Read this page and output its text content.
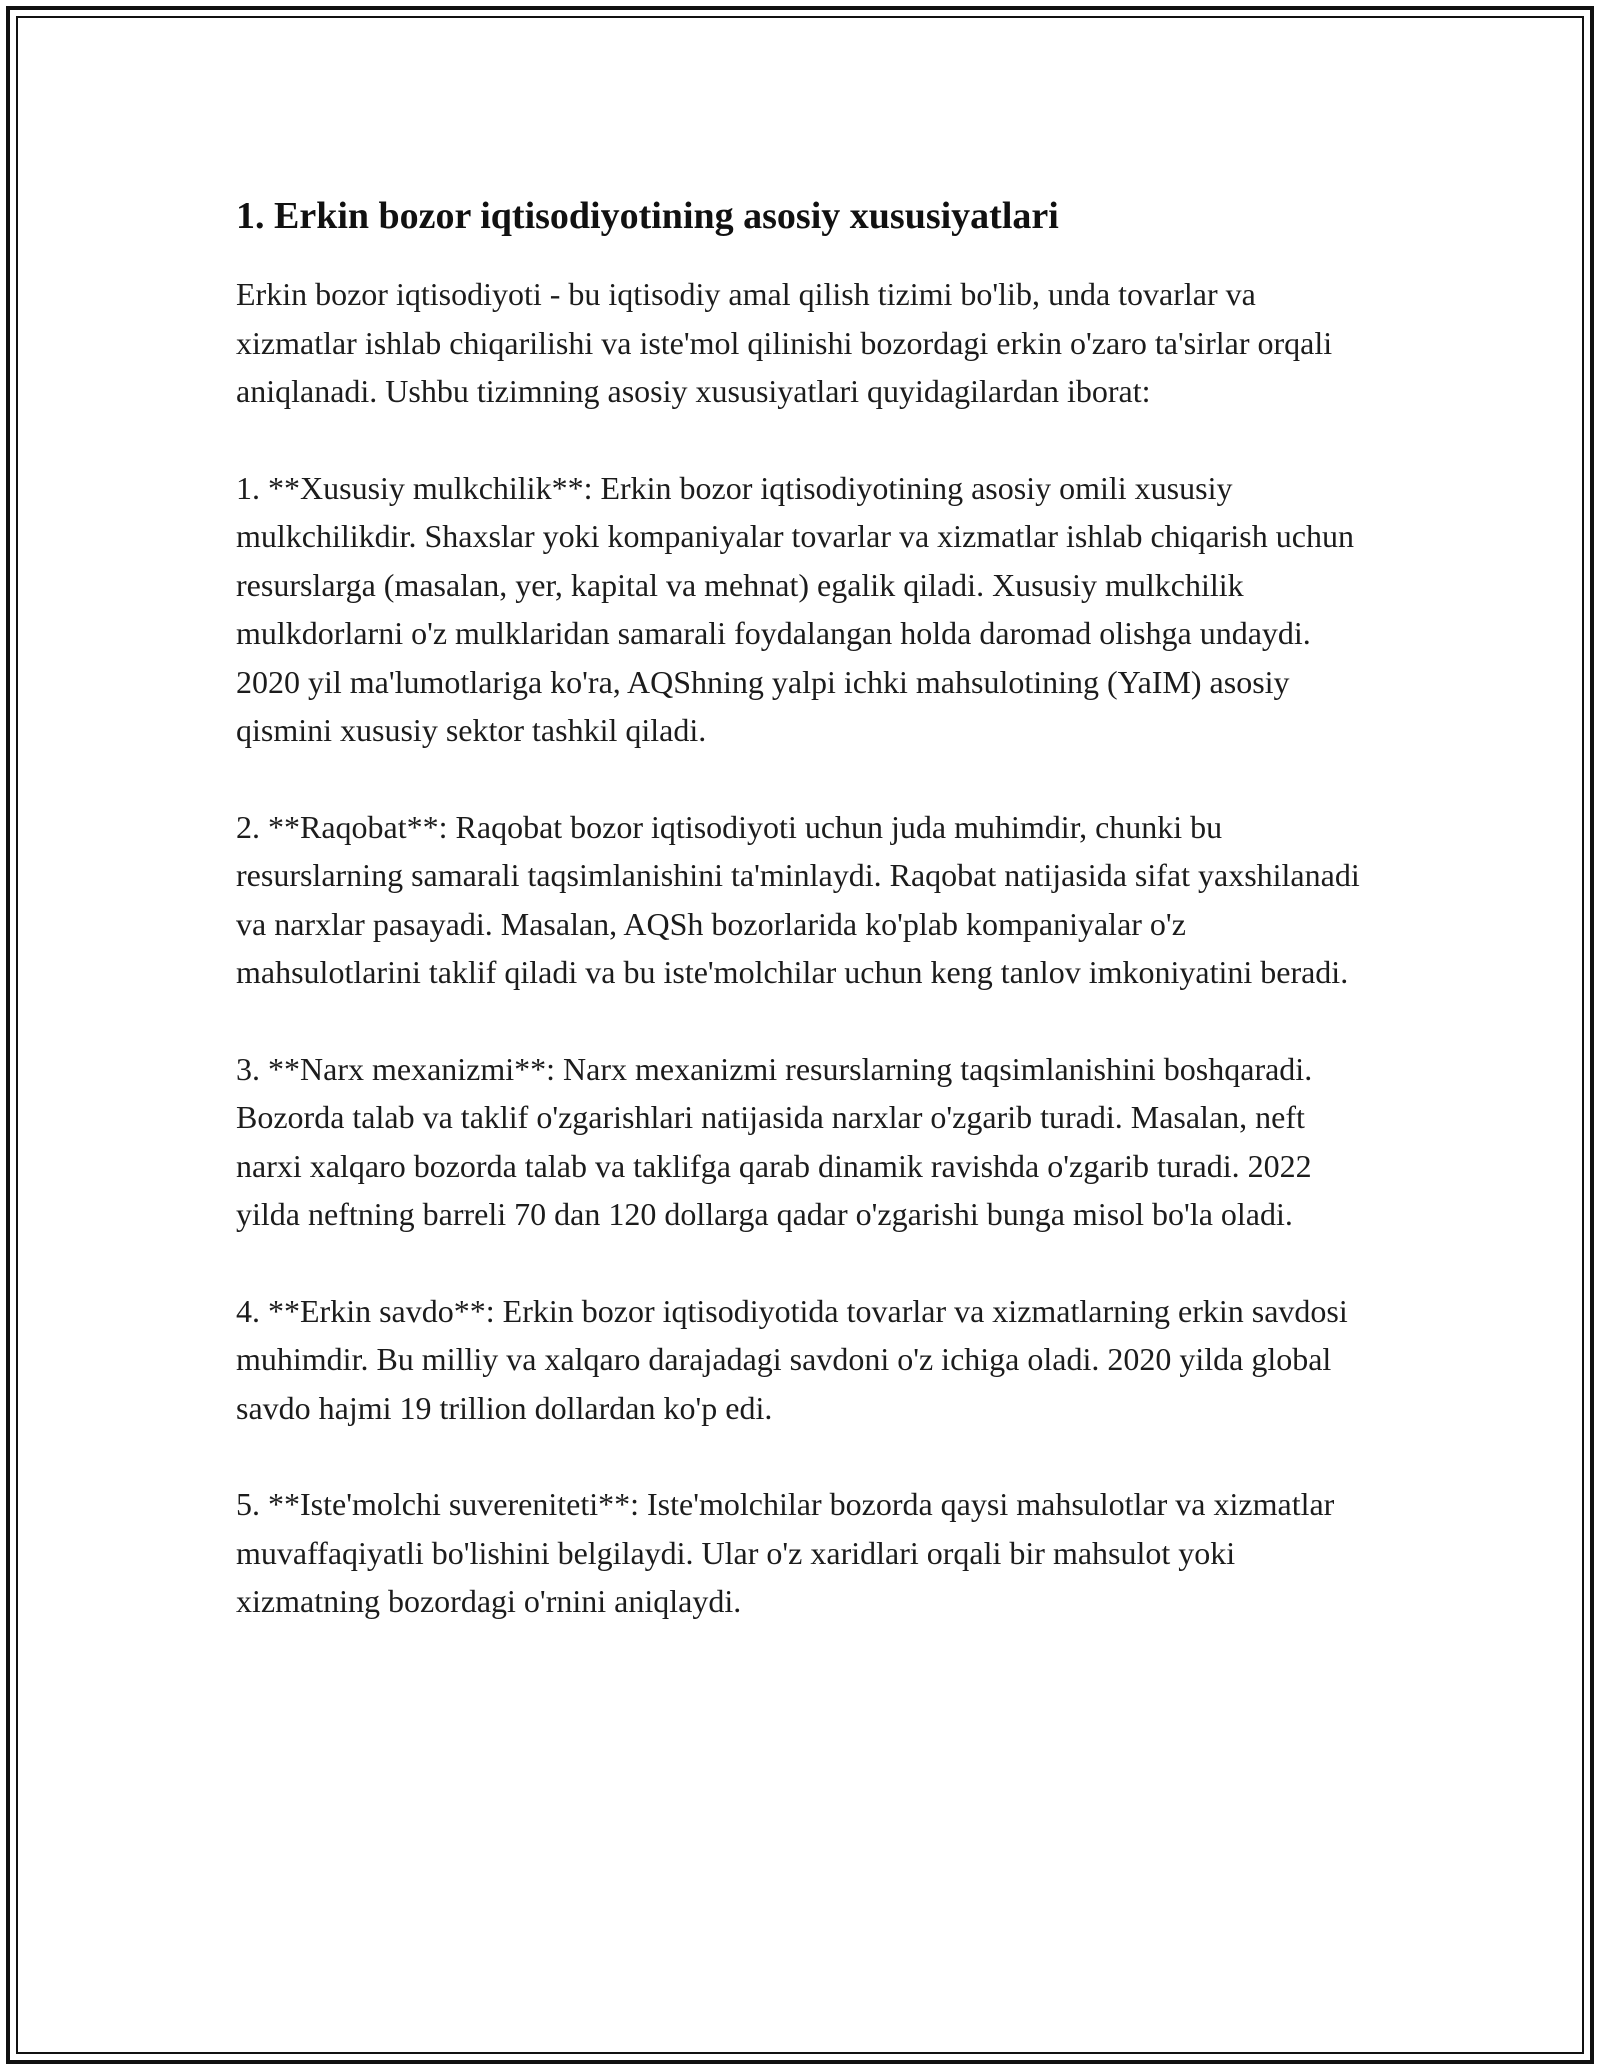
1. Erkin bozor iqtisodiyotining asosiy xususiyatlari

Erkin bozor iqtisodiyoti - bu iqtisodiy amal qilish tizimi bo'lib, unda tovarlar va xizmatlar ishlab chiqarilishi va iste'mol qilinishi bozordagi erkin o'zaro ta'sirlar orqali aniqlanadi. Ushbu tizimning asosiy xususiyatlari quyidagilardan iborat:

1. **Xususiy mulkchilik**: Erkin bozor iqtisodiyotining asosiy omili xususiy mulkchilikdir. Shaxslar yoki kompaniyalar tovarlar va xizmatlar ishlab chiqarish uchun resurslarga (masalan, yer, kapital va mehnat) egalik qiladi. Xususiy mulkchilik mulkdorlarni o'z mulklaridan samarali foydalangan holda daromad olishga undaydi. 2020 yil ma'lumotlariga ko'ra, AQShning yalpi ichki mahsulotining (YaIM) asosiy qismini xususiy sektor tashkil qiladi.

2. **Raqobat**: Raqobat bozor iqtisodiyoti uchun juda muhimdir, chunki bu resurslarning samarali taqsimlanishini ta'minlaydi. Raqobat natijasida sifat yaxshilanadi va narxlar pasayadi. Masalan, AQSh bozorlarida ko'plab kompaniyalar o'z mahsulotlarini taklif qiladi va bu iste'molchilar uchun keng tanlov imkoniyatini beradi.

3. **Narx mexanizmi**: Narx mexanizmi resurslarning taqsimlanishini boshqaradi. Bozorda talab va taklif o'zgarishlari natijasida narxlar o'zgarib turadi. Masalan, neft narxi xalqaro bozorda talab va taklifga qarab dinamik ravishda o'zgarib turadi. 2022 yilda neftning barreli 70 dan 120 dollarga qadar o'zgarishi bunga misol bo'la oladi.

4. **Erkin savdo**: Erkin bozor iqtisodiyotida tovarlar va xizmatlarning erkin savdosi muhimdir. Bu milliy va xalqaro darajadagi savdoni o'z ichiga oladi. 2020 yilda global savdo hajmi 19 trillion dollardan ko'p edi.

5. **Iste'molchi suvereniteti**: Iste'molchilar bozorda qaysi mahsulotlar va xizmatlar muvaffaqiyatli bo'lishini belgilaydi. Ular o'z xaridlari orqali bir mahsulot yoki xizmatning bozordagi o'rnini aniqlaydi.
